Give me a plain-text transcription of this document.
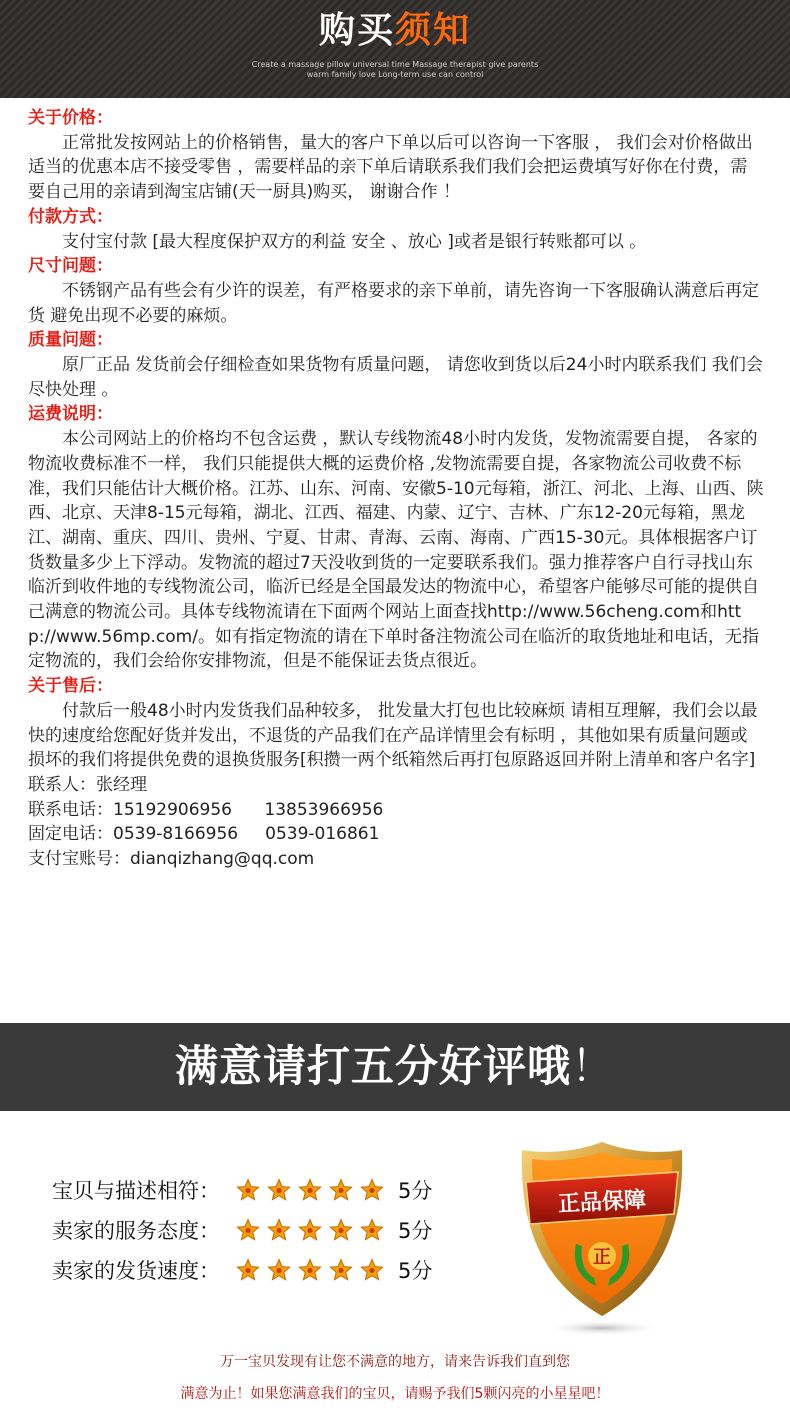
购买须知
Create a massage pillow universal time Massage therapist give parents
warm family love Long-term use can control
关于价格：

正常批发按网站上的价格销售，量大的客户下单以后可以咨询一下客服 ， 我们会对价格做出适当的优惠本店不接受零售 ，需要样品的亲下单后请联系我们我们会把运费填写好你在付费，需要自己用的亲请到淘宝店铺(天一厨具)购买， 谢谢合作 ！

付款方式：

支付宝付款 [最大程度保护双方的利益 安全 、放心 ]或者是银行转账都可以 。

尺寸问题：

不锈钢产品有些会有少许的误差，有严格要求的亲下单前，请先咨询一下客服确认满意后再定货 避免出现不必要的麻烦。

质量问题：

原厂正品 发货前会仔细检查如果货物有质量问题， 请您收到货以后24小时内联系我们 我们会尽快处理 。

运费说明：

本公司网站上的价格均不包含运费 ，默认专线物流48小时内发货，发物流需要自提， 各家的物流收费标准不一样， 我们只能提供大概的运费价格 ,发物流需要自提，各家物流公司收费不标准，我们只能估计大概价格。江苏、山东、河南、安徽5-10元每箱，浙江、河北、上海、山西、陕西、北京、天津8-15元每箱，湖北、江西、福建、内蒙、辽宁、吉林、广东12-20元每箱，黑龙江、湖南、重庆、四川、贵州、宁夏、甘肃、青海、云南、海南、广西15-30元。具体根据客户订货数量多少上下浮动。发物流的超过7天没收到货的一定要联系我们。强力推荐客户自行寻找山东临沂到收件地的专线物流公司，临沂已经是全国最发达的物流中心，希望客户能够尽可能的提供自己满意的物流公司。具体专线物流请在下面两个网站上面查找http://www.56cheng.com和http://www.56mp.com/。如有指定物流的请在下单时备注物流公司在临沂的取货地址和电话，无指定物流的，我们会给你安排物流，但是不能保证去货点很近。

关于售后：

付款后一般48小时内发货我们品种较多， 批发量大打包也比较麻烦 请相互理解，我们会以最快的速度给您配好货并发出，不退货的产品我们在产品详情里会有标明 ，其他如果有质量问题或损坏的我们将提供免费的退换货服务[积攒一两个纸箱然后再打包原路返回并附上清单和客户名字]

联系人：张经理

联系电话：15192906956      13853966956

固定电话：0539-8166956     0539-016861

支付宝账号：dianqizhang@qq.com

满意请打五分好评哦！
宝贝与描述相符：	5分
卖家的服务态度：	5分
卖家的发货速度：	5分
正品保障
正
万一宝贝发现有让您不满意的地方，请来告诉我们直到您
满意为止！如果您满意我们的宝贝，请赐予我们5颗闪亮的小星星吧！
